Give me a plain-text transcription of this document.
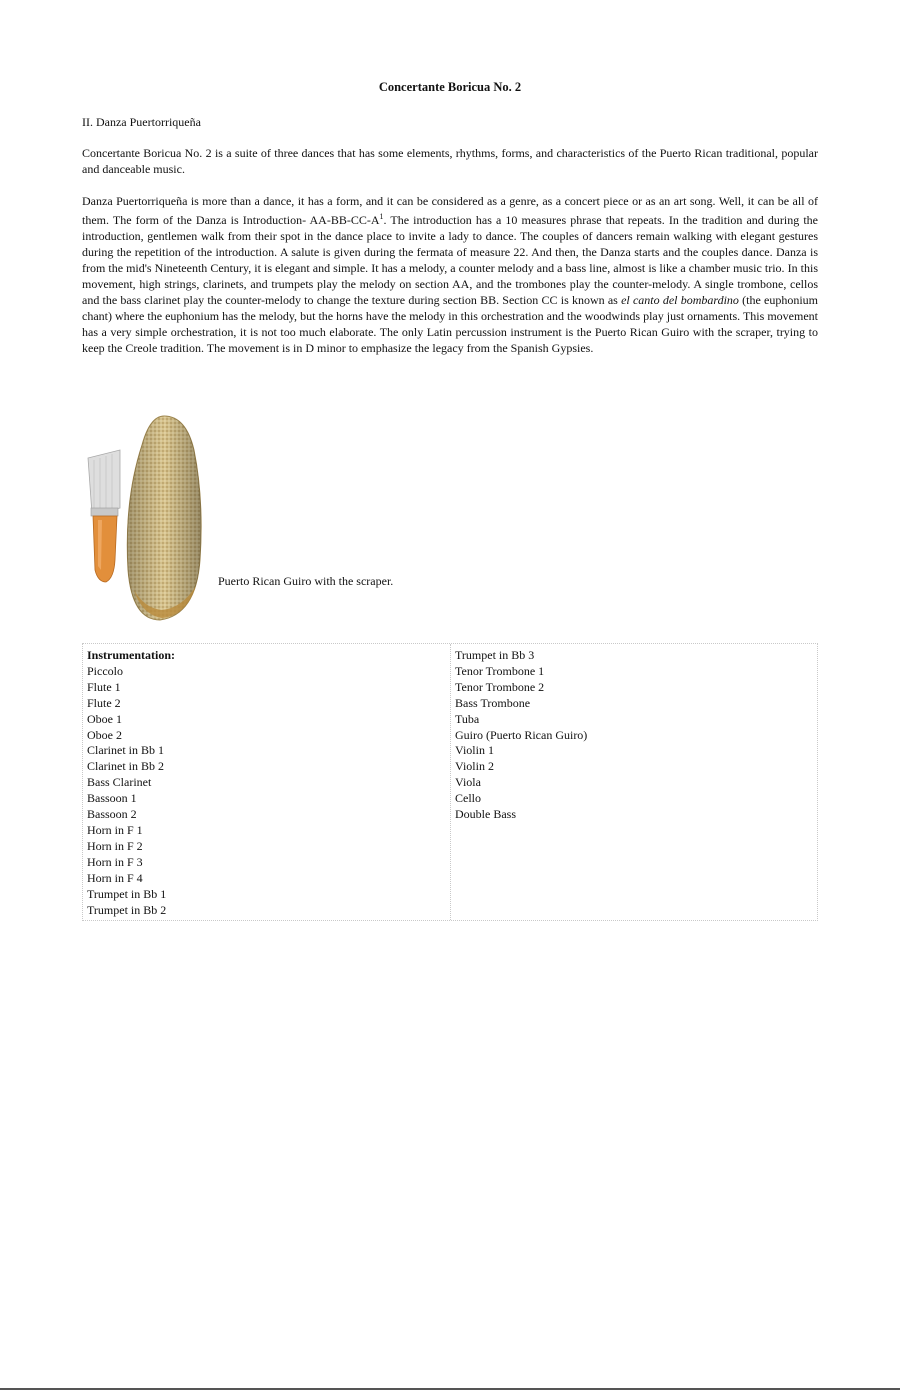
Concertante Boricua No. 2
II. Danza Puertorriqueña

Concertante Boricua No. 2 is a suite of three dances that has some elements, rhythms, forms, and characteristics of the Puerto Rican traditional, popular and danceable music.

Danza Puertorriqueña is more than a dance, it has a form, and it can be considered as a genre, as a concert piece or as an art song. Well, it can be all of them. The form of the Danza is Introduction- $AA-BB-CC-A^1$. The introduction has a 10 measures phrase that repeats. In the tradition and during the introduction, gentlemen walk from their spot in the dance place to invite a lady to dance. The couples of dancers remain walking with elegant gestures during the repetition of the introduction. A salute is given during the fermata of measure 22. And then, the Danza starts and the couples dance. Danza is from the mid's Nineteenth Century, it is elegant and simple. It has a melody, a counter melody and a bass line, almost is like a chamber music trio. In this movement, high strings, clarinets, and trumpets play the melody on section AA, and the trombones play the counter-melody. A single trombone, cellos and the bass clarinet play the counter-melody to change the texture during section BB. Section CC is known as el canto del bombardino (the euphonium chant) where the euphonium has the melody, but the horns have the melody in this orchestration and the woodwinds play just ornaments. This movement has a very simple orchestration, it is not too much elaborate. The only Latin percussion instrument is the Puerto Rican Guiro with the scraper, trying to keep the Creole tradition. The movement is in D minor to emphasize the legacy from the Spanish Gypsies.

Puerto Rican Guiro with the scraper.
Instrumentation:
Piccolo
Flute 1
Flute 2
Oboe 1
Oboe 2
Clarinet in Bb 1
Clarinet in Bb 2
Bass Clarinet
Bassoon 1
Bassoon 2
Horn in F 1
Horn in F 2
Horn in F 3
Horn in F 4
Trumpet in Bb 1
Trumpet in Bb 2
Trumpet in Bb 3
Tenor Trombone 1
Tenor Trombone 2
Bass Trombone
Tuba
Guiro (Puerto Rican Guiro)
Violin 1
Violin 2
Viola
Cello
Double Bass
